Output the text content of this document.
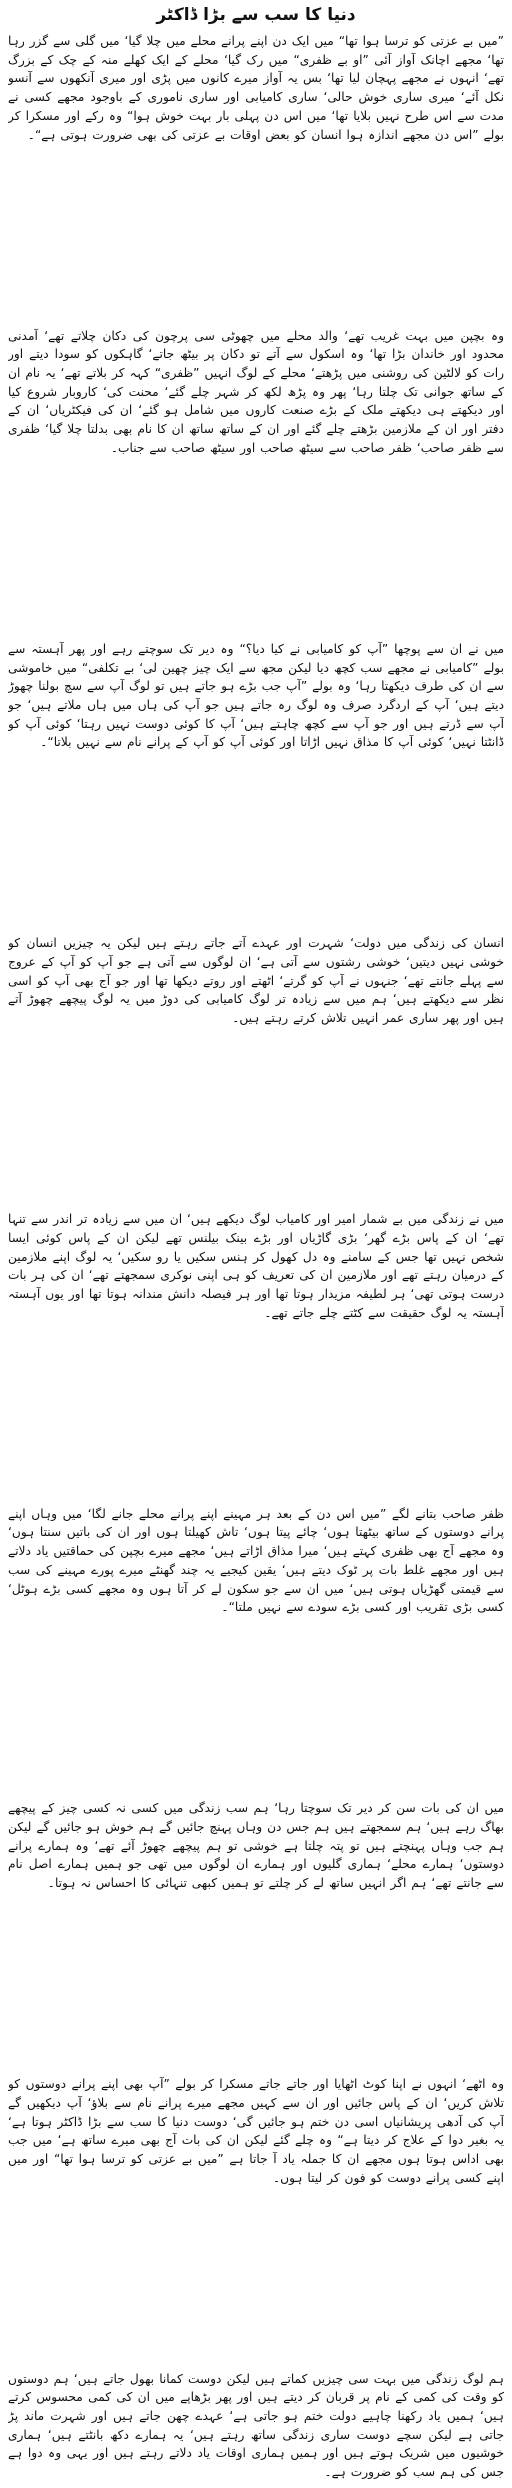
دنیا کا سب سے بڑا ڈاکٹر

”میں بے عزتی کو ترسا ہوا تھا“ میں ایک دن اپنے پرانے محلے میں چلا گیا‘ میں گلی سے گزر رہا تھا‘ مجھے اچانک آواز آئی ”او بے ظفری“ میں رک گیا‘ محلے کے ایک کھلے منہ کے چک کے بزرگ تھے‘ انہوں نے مجھے پہچان لیا تھا‘ بس یہ آواز میرے کانوں میں پڑی اور میری آنکھوں سے آنسو نکل آئے‘ میری ساری خوش حالی‘ ساری کامیابی اور ساری ناموری کے باوجود مجھے کسی نے مدت سے اس طرح نہیں بلایا تھا‘ میں اس دن پہلی بار بہت خوش ہوا“ وہ رکے اور مسکرا کر بولے ”اس دن مجھے اندازہ ہوا انسان کو بعض اوقات بے عزتی کی بھی ضرورت ہوتی ہے“۔

وہ بچپن میں بہت غریب تھے‘ والد محلے میں چھوٹی سی پرچون کی دکان چلاتے تھے‘ آمدنی محدود اور خاندان بڑا تھا‘ وہ اسکول سے آتے تو دکان پر بیٹھ جاتے‘ گاہکوں کو سودا دیتے اور رات کو لالٹین کی روشنی میں پڑھتے‘ محلے کے لوگ انہیں ”ظفری“ کہہ کر بلاتے تھے‘ یہ نام ان کے ساتھ جوانی تک چلتا رہا‘ پھر وہ پڑھ لکھ کر شہر چلے گئے‘ محنت کی‘ کاروبار شروع کیا اور دیکھتے ہی دیکھتے ملک کے بڑے صنعت کاروں میں شامل ہو گئے‘ ان کی فیکٹریاں‘ ان کے دفتر اور ان کے ملازمین بڑھتے چلے گئے اور ان کے ساتھ ساتھ ان کا نام بھی بدلتا چلا گیا‘ ظفری سے ظفر صاحب‘ ظفر صاحب سے سیٹھ صاحب اور سیٹھ صاحب سے جناب۔

میں نے ان سے پوچھا ”آپ کو کامیابی نے کیا دیا؟“ وہ دیر تک سوچتے رہے اور پھر آہستہ سے بولے ”کامیابی نے مجھے سب کچھ دیا لیکن مجھ سے ایک چیز چھین لی‘ بے تکلفی“ میں خاموشی سے ان کی طرف دیکھتا رہا‘ وہ بولے ”آپ جب بڑے ہو جاتے ہیں تو لوگ آپ سے سچ بولنا چھوڑ دیتے ہیں‘ آپ کے اردگرد صرف وہ لوگ رہ جاتے ہیں جو آپ کی ہاں میں ہاں ملاتے ہیں‘ جو آپ سے ڈرتے ہیں اور جو آپ سے کچھ چاہتے ہیں‘ آپ کا کوئی دوست نہیں رہتا‘ کوئی آپ کو ڈانٹتا نہیں‘ کوئی آپ کا مذاق نہیں اڑاتا اور کوئی آپ کو آپ کے پرانے نام سے نہیں بلاتا“۔

انسان کی زندگی میں دولت‘ شہرت اور عہدے آتے جاتے رہتے ہیں لیکن یہ چیزیں انسان کو خوشی نہیں دیتیں‘ خوشی رشتوں سے آتی ہے‘ ان لوگوں سے آتی ہے جو آپ کو آپ کے عروج سے پہلے جانتے تھے‘ جنہوں نے آپ کو گرتے‘ اٹھتے اور روتے دیکھا تھا اور جو آج بھی آپ کو اسی نظر سے دیکھتے ہیں‘ ہم میں سے زیادہ تر لوگ کامیابی کی دوڑ میں یہ لوگ پیچھے چھوڑ آتے ہیں اور پھر ساری عمر انہیں تلاش کرتے رہتے ہیں۔

میں نے زندگی میں بے شمار امیر اور کامیاب لوگ دیکھے ہیں‘ ان میں سے زیادہ تر اندر سے تنہا تھے‘ ان کے پاس بڑے گھر‘ بڑی گاڑیاں اور بڑے بینک بیلنس تھے لیکن ان کے پاس کوئی ایسا شخص نہیں تھا جس کے سامنے وہ دل کھول کر ہنس سکیں یا رو سکیں‘ یہ لوگ اپنے ملازمین کے درمیان رہتے تھے اور ملازمین ان کی تعریف کو ہی اپنی نوکری سمجھتے تھے‘ ان کی ہر بات درست ہوتی تھی‘ ہر لطیفہ مزیدار ہوتا تھا اور ہر فیصلہ دانش مندانہ ہوتا تھا اور یوں آہستہ آہستہ یہ لوگ حقیقت سے کٹتے چلے جاتے تھے۔

ظفر صاحب بتانے لگے ”میں اس دن کے بعد ہر مہینے اپنے پرانے محلے جانے لگا‘ میں وہاں اپنے پرانے دوستوں کے ساتھ بیٹھتا ہوں‘ چائے پیتا ہوں‘ تاش کھیلتا ہوں اور ان کی باتیں سنتا ہوں‘ وہ مجھے آج بھی ظفری کہتے ہیں‘ میرا مذاق اڑاتے ہیں‘ مجھے میرے بچپن کی حماقتیں یاد دلاتے ہیں اور مجھے غلط بات پر ٹوک دیتے ہیں‘ یقین کیجیے یہ چند گھنٹے میرے پورے مہینے کی سب سے قیمتی گھڑیاں ہوتی ہیں‘ میں ان سے جو سکون لے کر آتا ہوں وہ مجھے کسی بڑے ہوٹل‘ کسی بڑی تقریب اور کسی بڑے سودے سے نہیں ملتا“۔

میں ان کی بات سن کر دیر تک سوچتا رہا‘ ہم سب زندگی میں کسی نہ کسی چیز کے پیچھے بھاگ رہے ہیں‘ ہم سمجھتے ہیں ہم جس دن وہاں پہنچ جائیں گے ہم خوش ہو جائیں گے لیکن ہم جب وہاں پہنچتے ہیں تو پتہ چلتا ہے خوشی تو ہم پیچھے چھوڑ آئے تھے‘ وہ ہمارے پرانے دوستوں‘ ہمارے محلے‘ ہماری گلیوں اور ہمارے ان لوگوں میں تھی جو ہمیں ہمارے اصل نام سے جانتے تھے‘ ہم اگر انہیں ساتھ لے کر چلتے تو ہمیں کبھی تنہائی کا احساس نہ ہوتا۔

وہ اٹھے‘ انہوں نے اپنا کوٹ اٹھایا اور جاتے جاتے مسکرا کر بولے ”آپ بھی اپنے پرانے دوستوں کو تلاش کریں‘ ان کے پاس جائیں اور ان سے کہیں مجھے میرے پرانے نام سے بلاؤ‘ آپ دیکھیں گے آپ کی آدھی پریشانیاں اسی دن ختم ہو جائیں گی‘ دوست دنیا کا سب سے بڑا ڈاکٹر ہوتا ہے‘ یہ بغیر دوا کے علاج کر دیتا ہے“ وہ چلے گئے لیکن ان کی بات آج بھی میرے ساتھ ہے‘ میں جب بھی اداس ہوتا ہوں مجھے ان کا جملہ یاد آ جاتا ہے ”میں بے عزتی کو ترسا ہوا تھا“ اور میں اپنے کسی پرانے دوست کو فون کر لیتا ہوں۔

ہم لوگ زندگی میں بہت سی چیزیں کماتے ہیں لیکن دوست کمانا بھول جاتے ہیں‘ ہم دوستوں کو وقت کی کمی کے نام پر قربان کر دیتے ہیں اور پھر بڑھاپے میں ان کی کمی محسوس کرتے ہیں‘ ہمیں یاد رکھنا چاہیے دولت ختم ہو جاتی ہے‘ عہدے چھن جاتے ہیں اور شہرت ماند پڑ جاتی ہے لیکن سچے دوست ساری زندگی ساتھ رہتے ہیں‘ یہ ہمارے دکھ بانٹتے ہیں‘ ہماری خوشیوں میں شریک ہوتے ہیں اور ہمیں ہماری اوقات یاد دلاتے رہتے ہیں اور یہی وہ دوا ہے جس کی ہم سب کو ضرورت ہے۔
